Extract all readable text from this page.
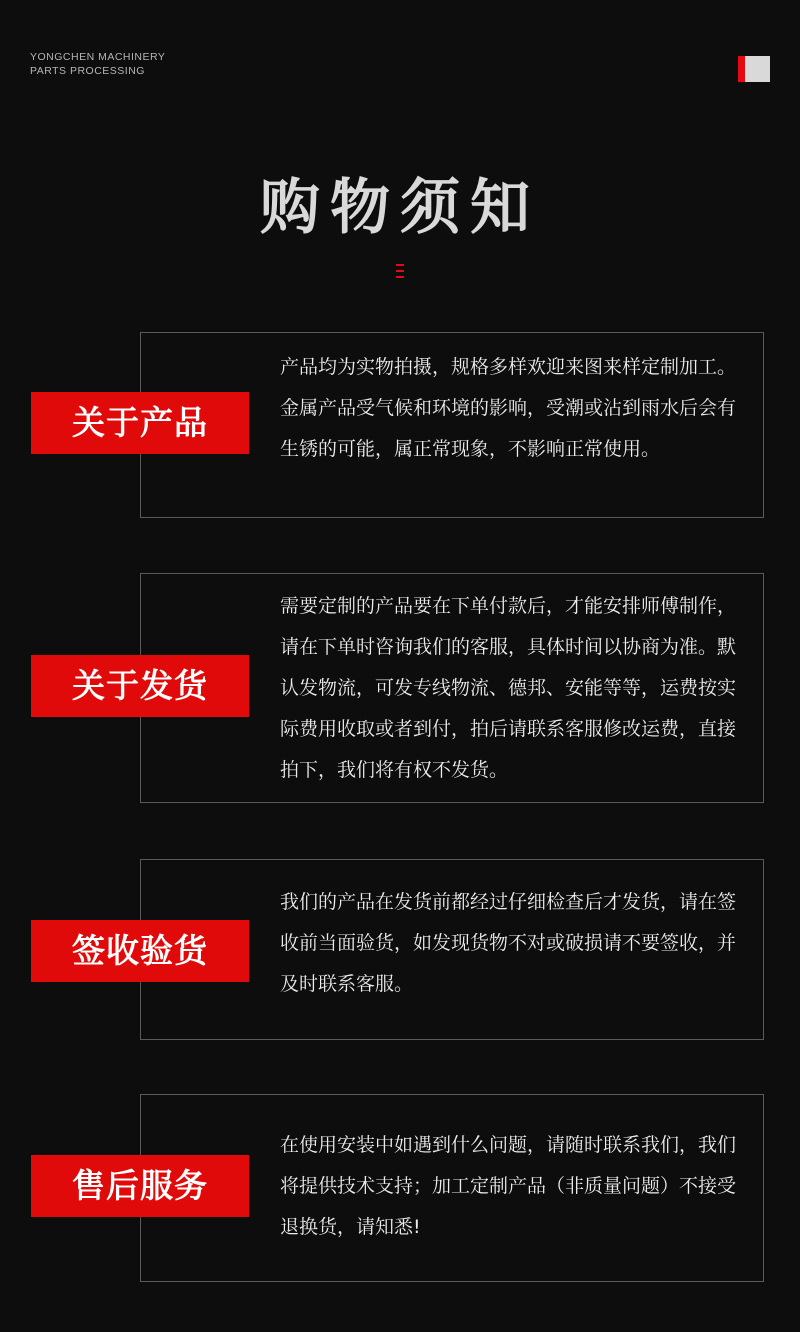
YONGCHEN MACHINERY
PARTS PROCESSING
购物须知

产品均为实物拍摄，规格多样欢迎来图来样定制加工。金属产品受气候和环境的影响，受潮或沾到雨水后会有生锈的可能，属正常现象，不影响正常使用。

关于产品

需要定制的产品要在下单付款后，才能安排师傅制作，请在下单时咨询我们的客服，具体时间以协商为准。默认发物流，可发专线物流、德邦、安能等等，运费按实际费用收取或者到付，拍后请联系客服修改运费，直接拍下，我们将有权不发货。

关于发货

我们的产品在发货前都经过仔细检查后才发货，请在签收前当面验货，如发现货物不对或破损请不要签收，并及时联系客服。

签收验货

在使用安装中如遇到什么问题，请随时联系我们，我们将提供技术支持；加工定制产品（非质量问题）不接受退换货，请知悉!

售后服务
